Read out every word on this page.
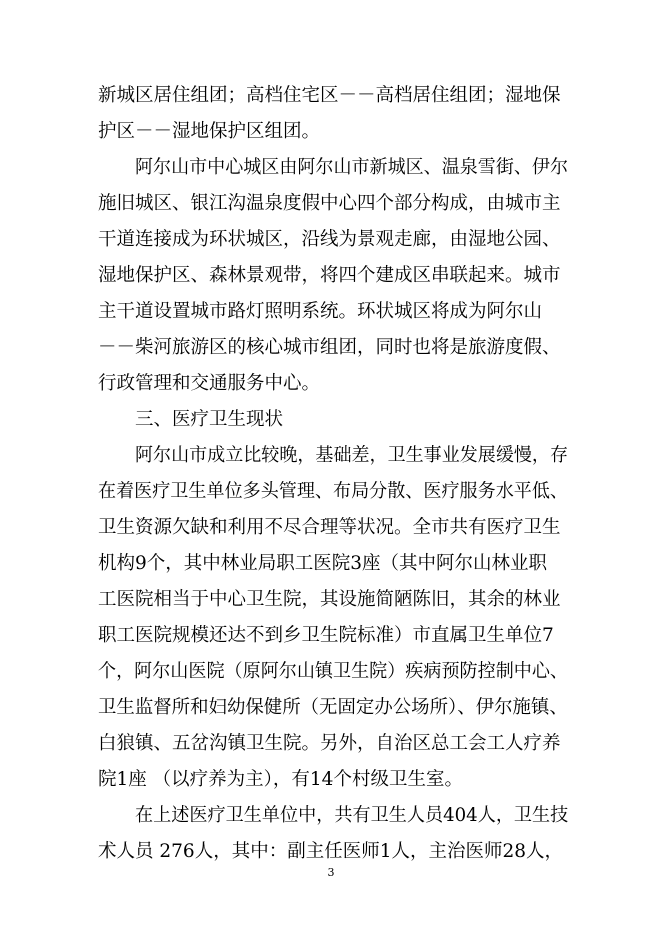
新城区居住组团；高档住宅区－－高档居住组团；湿地保
护区－－湿地保护区组团。
阿尔山市中心城区由阿尔山市新城区、温泉雪街、伊尔
施旧城区、银江沟温泉度假中心四个部分构成，由城市主
干道连接成为环状城区，沿线为景观走廊，由湿地公园、
湿地保护区、森林景观带，将四个建成区串联起来。城市
主干道设置城市路灯照明系统。环状城区将成为阿尔山
－－柴河旅游区的核心城市组团，同时也将是旅游度假、
行政管理和交通服务中心。
三、医疗卫生现状
阿尔山市成立比较晚，基础差，卫生事业发展缓慢，存
在着医疗卫生单位多头管理、布局分散、医疗服务水平低、
卫生资源欠缺和利用不尽合理等状况。全市共有医疗卫生
机构9个，其中林业局职工医院3座（其中阿尔山林业职
工医院相当于中心卫生院，其设施简陋陈旧，其余的林业
职工医院规模还达不到乡卫生院标准）市直属卫生单位7
个，阿尔山医院（原阿尔山镇卫生院）疾病预防控制中心、
卫生监督所和妇幼保健所（无固定办公场所）、伊尔施镇、
白狼镇、五岔沟镇卫生院。另外，自治区总工会工人疗养
院1座 （以疗养为主），有14个村级卫生室。
在上述医疗卫生单位中，共有卫生人员404人，卫生技
术人员 276人，其中：副主任医师1人，主治医师28人，
3
